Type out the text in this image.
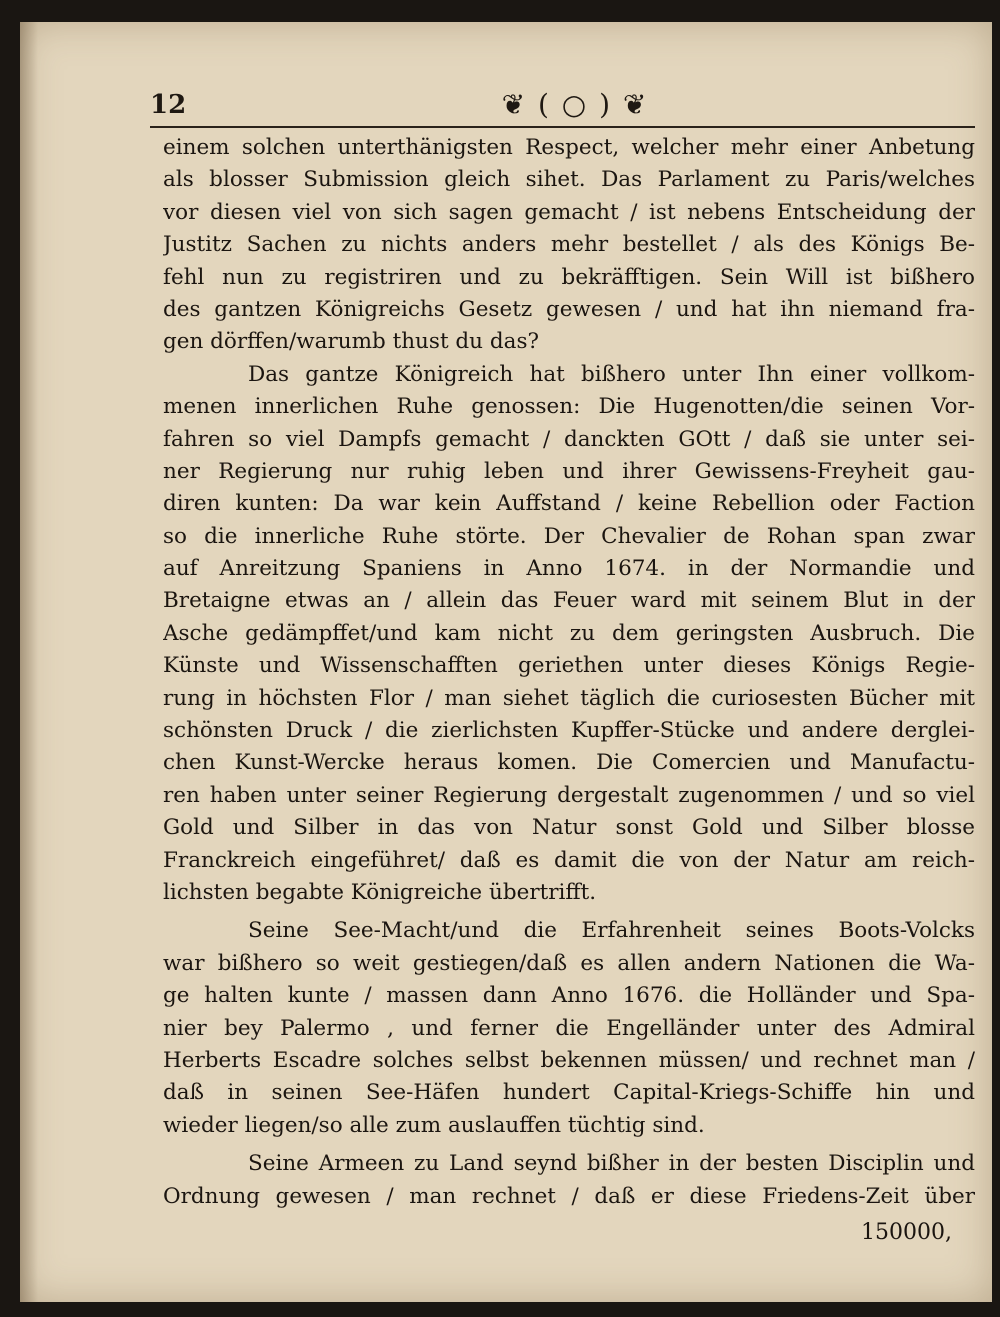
12	❦ ( ○ ) ❦
einem solchen unterthänigsten Respect, welcher mehr einer Anbetung
als blosser Submission gleich sihet. Das Parlament zu Paris/welches
vor diesen viel von sich sagen gemacht / ist nebens Entscheidung der
Justitz Sachen zu nichts anders mehr bestellet / als des Königs Be-
fehl nun zu registriren und zu bekräfftigen. Sein Will ist bißhero
des gantzen Königreichs Gesetz gewesen / und hat ihn niemand fra-
gen dörffen/warumb thust du das?
Das gantze Königreich hat bißhero unter Ihn einer vollkom-
menen innerlichen Ruhe genossen: Die Hugenotten/die seinen Vor-
fahren so viel Dampfs gemacht / danckten GOtt / daß sie unter sei-
ner Regierung nur ruhig leben und ihrer Gewissens-Freyheit gau-
diren kunten: Da war kein Auffstand / keine Rebellion oder Faction
so die innerliche Ruhe störte. Der Chevalier de Rohan span zwar
auf Anreitzung Spaniens in Anno 1674. in der Normandie und
Bretaigne etwas an / allein das Feuer ward mit seinem Blut in der
Asche gedämpffet/und kam nicht zu dem geringsten Ausbruch. Die
Künste und Wissenschafften geriethen unter dieses Königs Regie-
rung in höchsten Flor / man siehet täglich die curiosesten Bücher mit
schönsten Druck / die zierlichsten Kupffer-Stücke und andere derglei-
chen Kunst-Wercke heraus komen. Die Comercien und Manufactu-
ren haben unter seiner Regierung dergestalt zugenommen / und so viel
Gold und Silber in das von Natur sonst Gold und Silber blosse
Franckreich eingeführet/ daß es damit die von der Natur am reich-
lichsten begabte Königreiche übertrifft.
Seine See-Macht/und die Erfahrenheit seines Boots-Volcks
war bißhero so weit gestiegen/daß es allen andern Nationen die Wa-
ge halten kunte / massen dann Anno 1676. die Holländer und Spa-
nier bey Palermo , und ferner die Engelländer unter des Admiral
Herberts Escadre solches selbst bekennen müssen/ und rechnet man /
daß in seinen See-Häfen hundert Capital-Kriegs-Schiffe hin und
wieder liegen/so alle zum auslauffen tüchtig sind.
Seine Armeen zu Land seynd bißher in der besten Disciplin und
Ordnung gewesen / man rechnet / daß er diese Friedens-Zeit über
150000,
